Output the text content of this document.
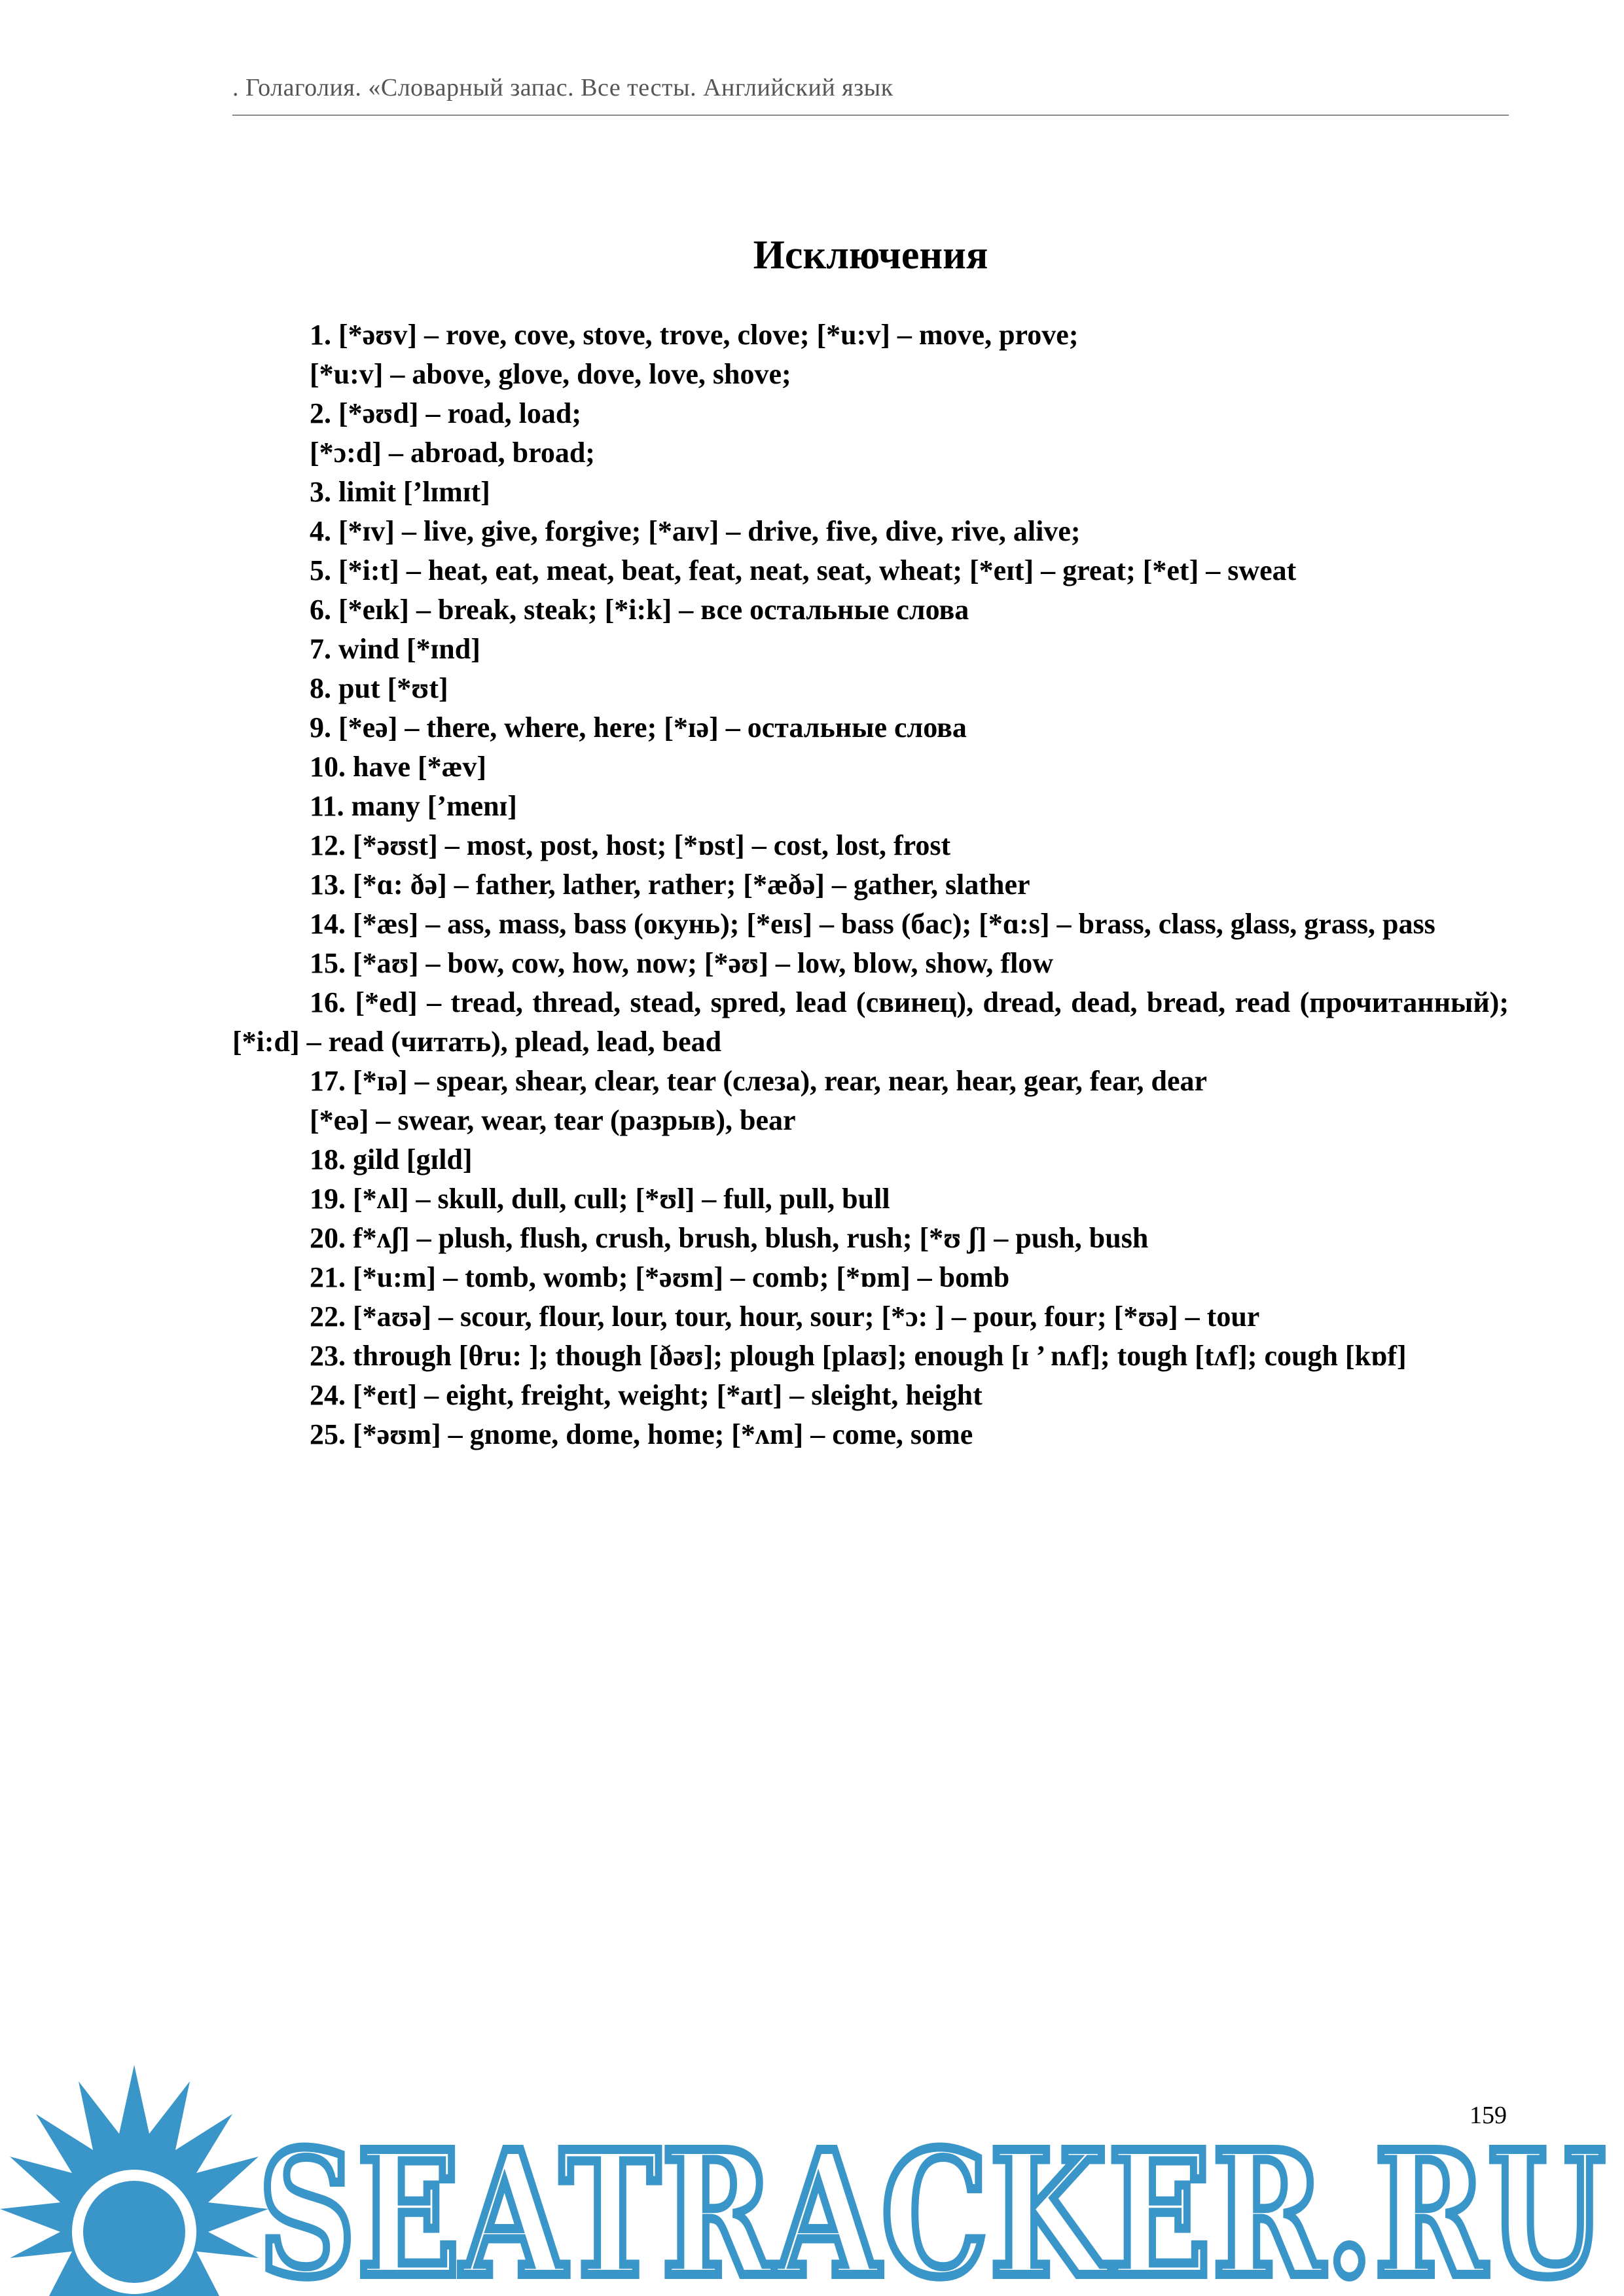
. Голаголия. «Словарный запас. Все тесты. Английский язык
Исключения
1. [*əʊv] – rove, cove, stove, trove, clove; [*u:v] – move, prove;
[*u:v] – above, glove, dove, love, shove;
2. [*əʊd] – road, load;
[*ɔ:d] – abroad, broad;
3. limit [’lɪmɪt]
4. [*ɪv] – live, give, forgive; [*aɪv] – drive, five, dive, rive, alive;
5. [*i:t] – heat, eat, meat, beat, feat, neat, seat, wheat; [*eɪt] – great; [*et] – sweat
6. [*eɪk] – break, steak; [*i:k] – все остальные слова
7. wind [*ɪnd]
8. put [*ʊt]
9. [*eə] – there, where, here; [*ɪə] – остальные слова
10. have [*æv]
11. many [’menɪ]
12. [*əʊst] – most, post, host; [*ɒst] – cost, lost, frost
13. [*ɑ: ðə] – father, lather, rather; [*æðə] – gather, slather
14. [*æs] – ass, mass, bass (окунь); [*eɪs] – bass (бас); [*ɑ:s] – brass, class, glass, grass, pass
15. [*aʊ] – bow, cow, how, now; [*əʊ] – low, blow, show, flow
16. [*ed] – tread, thread, stead, spred, lead (свинец), dread, dead, bread, read (прочитанный); [*i:d] – read (читать), plead, lead, bead
17. [*ɪə] – spear, shear, clear, tear (слеза), rear, near, hear, gear, fear, dear
[*eə] – swear, wear, tear (разрыв), bear
18. gild [gɪld]
19. [*ʌl] – skull, dull, cull; [*ʊl] – full, pull, bull
20. f*ʌʃ] – plush, flush, crush, brush, blush, rush; [*ʊ ʃ] – push, bush
21. [*u:m] – tomb, womb; [*əʊm] – comb; [*ɒm] – bomb
22. [*aʊə] – scour, flour, lour, tour, hour, sour; [*ɔ: ] – pour, four; [*ʊə] – tour
23. through [θru: ]; though [ðəʊ]; plough [plaʊ]; enough [ɪ ’ nʌf]; tough [tʌf]; cough [kɒf]
24. [*eɪt] – eight, freight, weight; [*aɪt] – sleight, height
25. [*əʊm] – gnome, dome, home; [*ʌm] – come, some
SEATRACKER.RU
159
